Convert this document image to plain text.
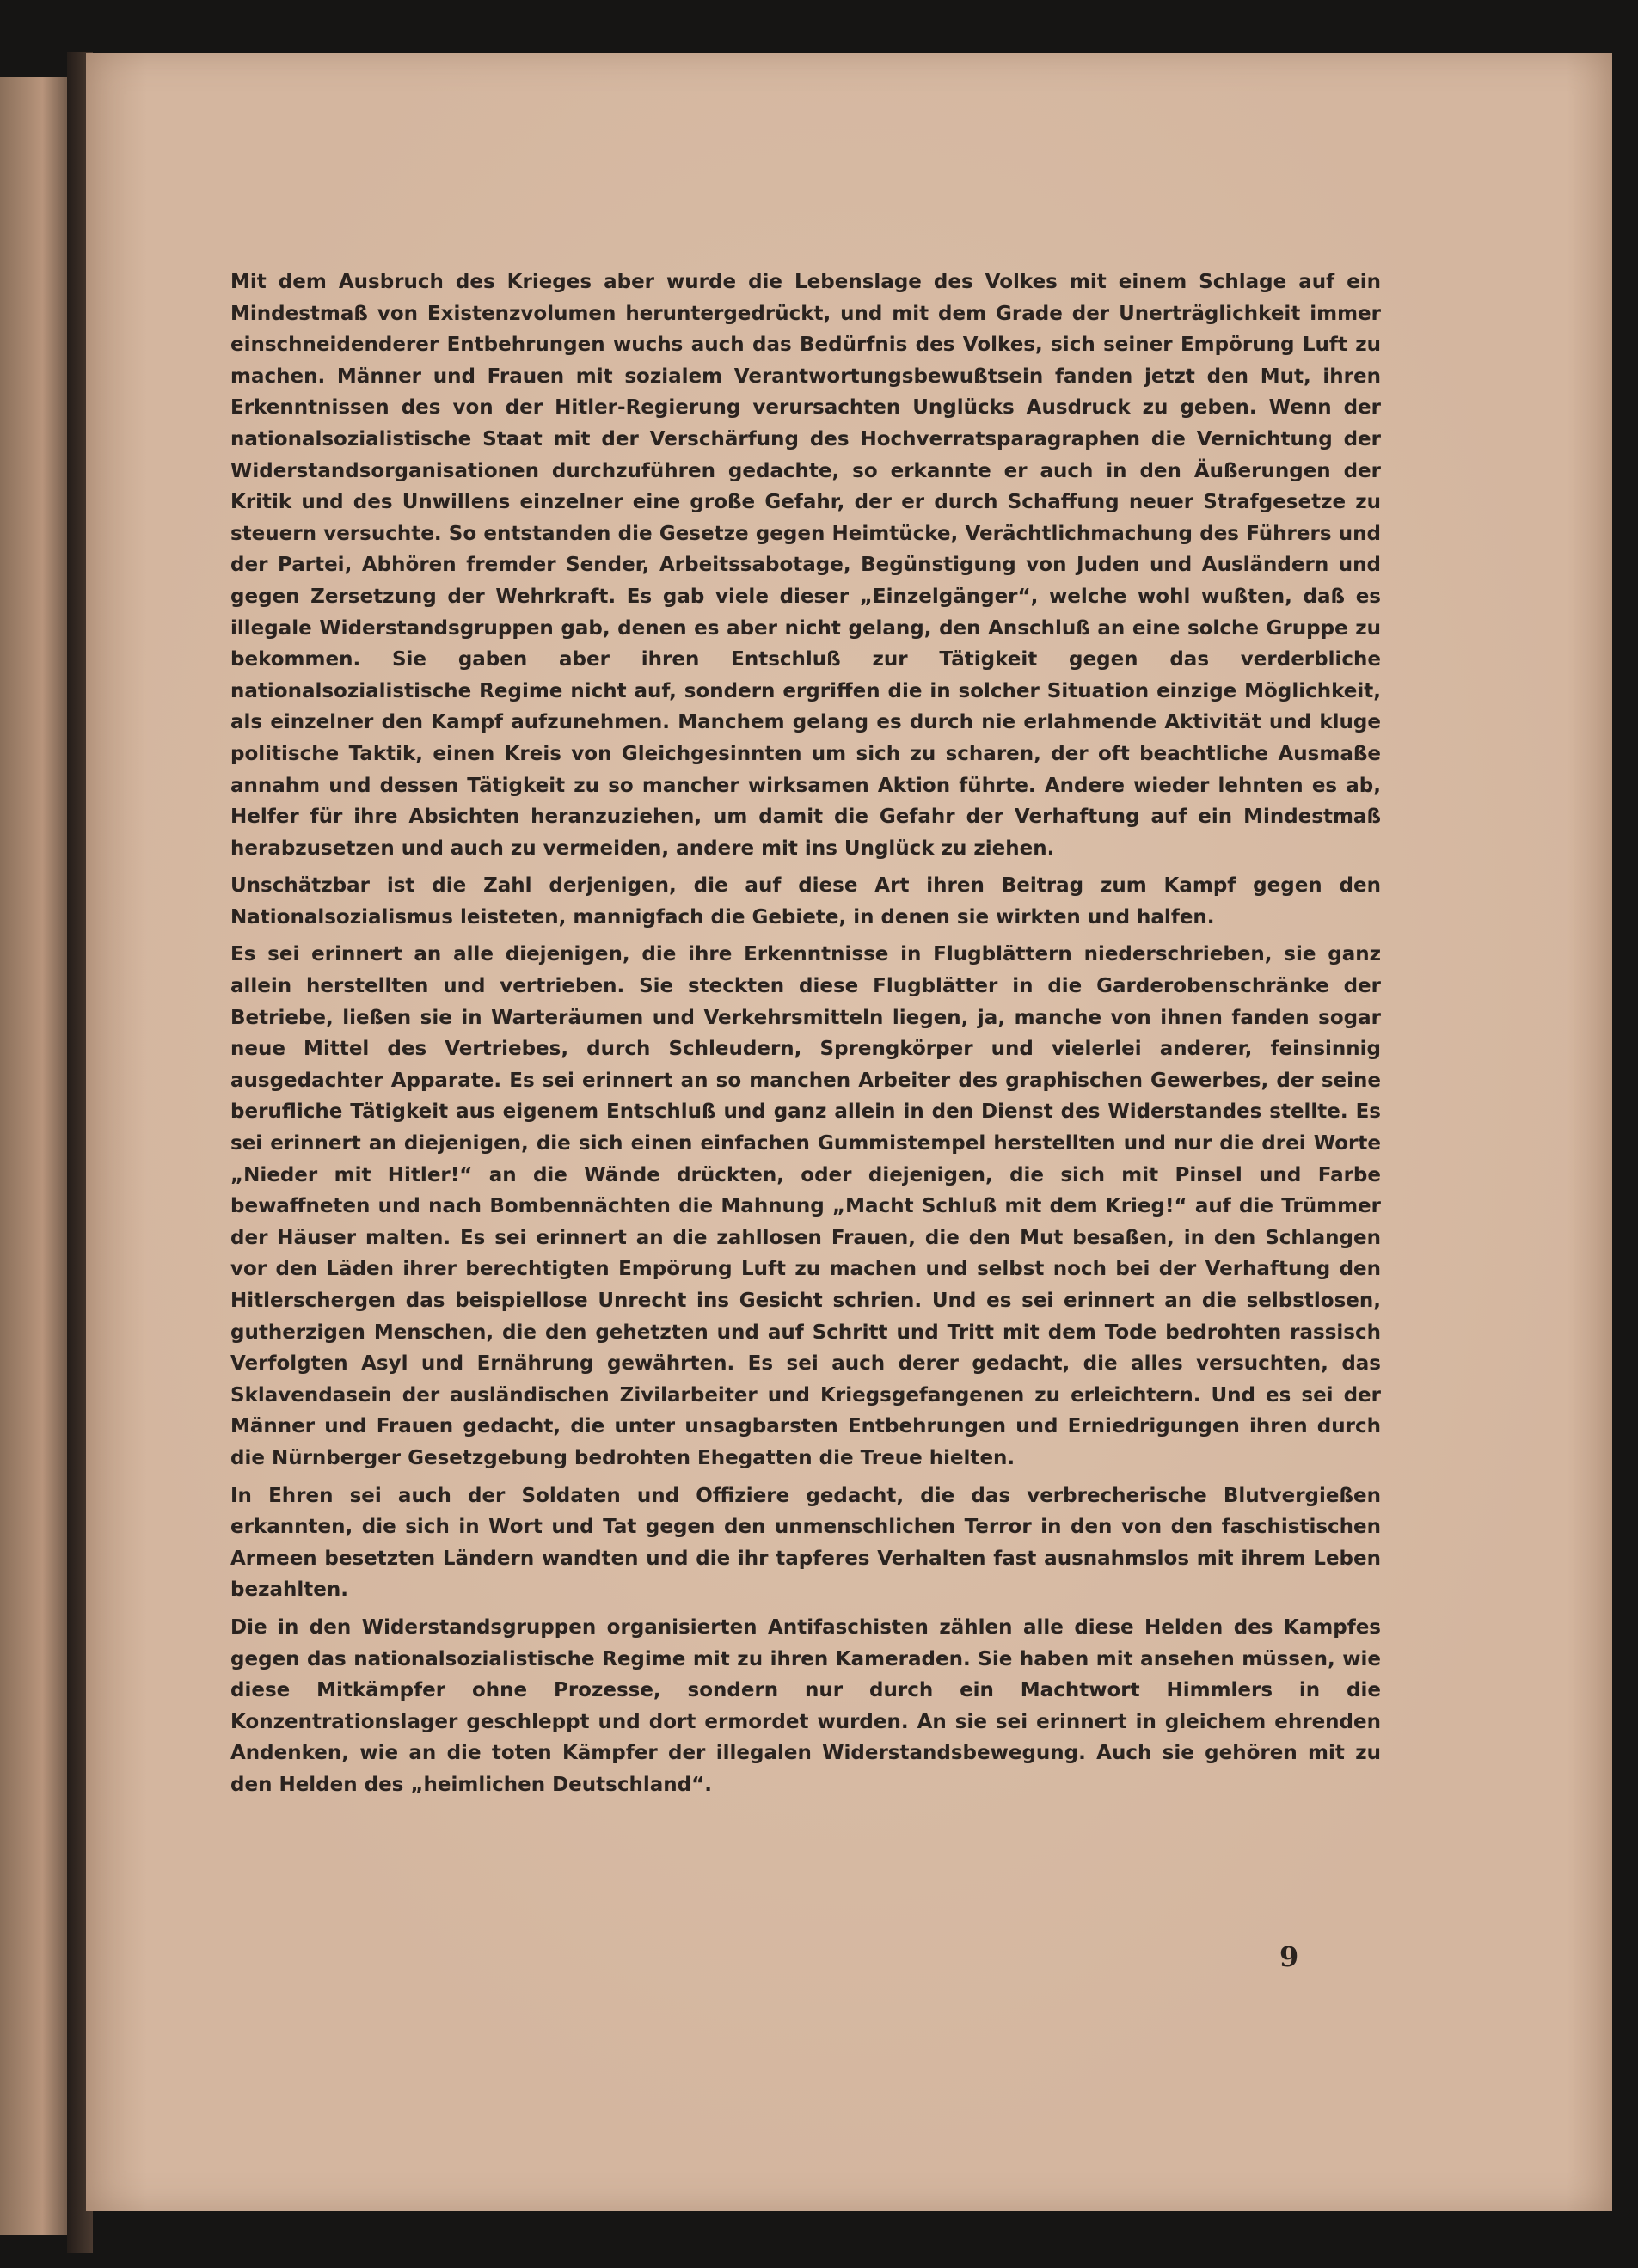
Mit dem Ausbruch des Krieges aber wurde die Lebenslage des Volkes mit einem Schlage auf ein Mindestmaß von Existenzvolumen heruntergedrückt, und mit dem Grade der Unerträglichkeit immer einschneidenderer Entbehrungen wuchs auch das Bedürfnis des Volkes, sich seiner Empörung Luft zu machen. Männer und Frauen mit sozialem Verantwortungsbewußtsein fanden jetzt den Mut, ihren Erkenntnissen des von der Hitler-Regierung verursachten Unglücks Ausdruck zu geben. Wenn der nationalsozialistische Staat mit der Verschärfung des Hochverratsparagraphen die Vernichtung der Widerstandsorganisationen durchzuführen gedachte, so erkannte er auch in den Äußerungen der Kritik und des Unwillens einzelner eine große Gefahr, der er durch Schaffung neuer Strafgesetze zu steuern versuchte. So entstanden die Gesetze gegen Heimtücke, Verächtlichmachung des Führers und der Partei, Abhören fremder Sender, Arbeitssabotage, Begünstigung von Juden und Ausländern und gegen Zersetzung der Wehrkraft. Es gab viele dieser „Einzelgänger“, welche wohl wußten, daß es illegale Widerstandsgruppen gab, denen es aber nicht gelang, den Anschluß an eine solche Gruppe zu bekommen. Sie gaben aber ihren Entschluß zur Tätigkeit gegen das verderbliche nationalsozialistische Regime nicht auf, sondern ergriffen die in solcher Situation einzige Möglichkeit, als einzelner den Kampf aufzunehmen. Manchem gelang es durch nie erlahmende Aktivität und kluge politische Taktik, einen Kreis von Gleichgesinnten um sich zu scharen, der oft beachtliche Ausmaße annahm und dessen Tätigkeit zu so mancher wirksamen Aktion führte. Andere wieder lehnten es ab, Helfer für ihre Absichten heranzuziehen, um damit die Gefahr der Verhaftung auf ein Mindestmaß herabzusetzen und auch zu vermeiden, andere mit ins Unglück zu ziehen.

Unschätzbar ist die Zahl derjenigen, die auf diese Art ihren Beitrag zum Kampf gegen den Nationalsozialismus leisteten, mannigfach die Gebiete, in denen sie wirkten und halfen.

Es sei erinnert an alle diejenigen, die ihre Erkenntnisse in Flugblättern niederschrieben, sie ganz allein herstellten und vertrieben. Sie steckten diese Flugblätter in die Garderobenschränke der Betriebe, ließen sie in Warteräumen und Verkehrsmitteln liegen, ja, manche von ihnen fanden sogar neue Mittel des Vertriebes, durch Schleudern, Sprengkörper und vielerlei anderer, feinsinnig ausgedachter Apparate. Es sei erinnert an so manchen Arbeiter des graphischen Gewerbes, der seine berufliche Tätigkeit aus eigenem Entschluß und ganz allein in den Dienst des Widerstandes stellte. Es sei erinnert an diejenigen, die sich einen einfachen Gummistempel herstellten und nur die drei Worte „Nieder mit Hitler!“ an die Wände drückten, oder diejenigen, die sich mit Pinsel und Farbe bewaffneten und nach Bombennächten die Mahnung „Macht Schluß mit dem Krieg!“ auf die Trümmer der Häuser malten. Es sei erinnert an die zahllosen Frauen, die den Mut besaßen, in den Schlangen vor den Läden ihrer berechtigten Empörung Luft zu machen und selbst noch bei der Verhaftung den Hitlerschergen das beispiellose Unrecht ins Gesicht schrien. Und es sei erinnert an die selbstlosen, gutherzigen Menschen, die den gehetzten und auf Schritt und Tritt mit dem Tode bedrohten rassisch Verfolgten Asyl und Ernährung gewährten. Es sei auch derer gedacht, die alles versuchten, das Sklavendasein der ausländischen Zivilarbeiter und Kriegsgefangenen zu erleichtern. Und es sei der Männer und Frauen gedacht, die unter unsagbarsten Entbehrungen und Erniedrigungen ihren durch die Nürnberger Gesetzgebung bedrohten Ehegatten die Treue hielten.

In Ehren sei auch der Soldaten und Offiziere gedacht, die das verbrecherische Blutvergießen erkannten, die sich in Wort und Tat gegen den unmenschlichen Terror in den von den faschistischen Armeen besetzten Ländern wandten und die ihr tapferes Verhalten fast ausnahmslos mit ihrem Leben bezahlten.

Die in den Widerstandsgruppen organisierten Antifaschisten zählen alle diese Helden des Kampfes gegen das nationalsozialistische Regime mit zu ihren Kameraden. Sie haben mit ansehen müssen, wie diese Mitkämpfer ohne Prozesse, sondern nur durch ein Machtwort Himmlers in die Konzentrationslager geschleppt und dort ermordet wurden. An sie sei erinnert in gleichem ehrenden Andenken, wie an die toten Kämpfer der illegalen Widerstandsbewegung. Auch sie gehören mit zu den Helden des „heimlichen Deutschland“.

9
